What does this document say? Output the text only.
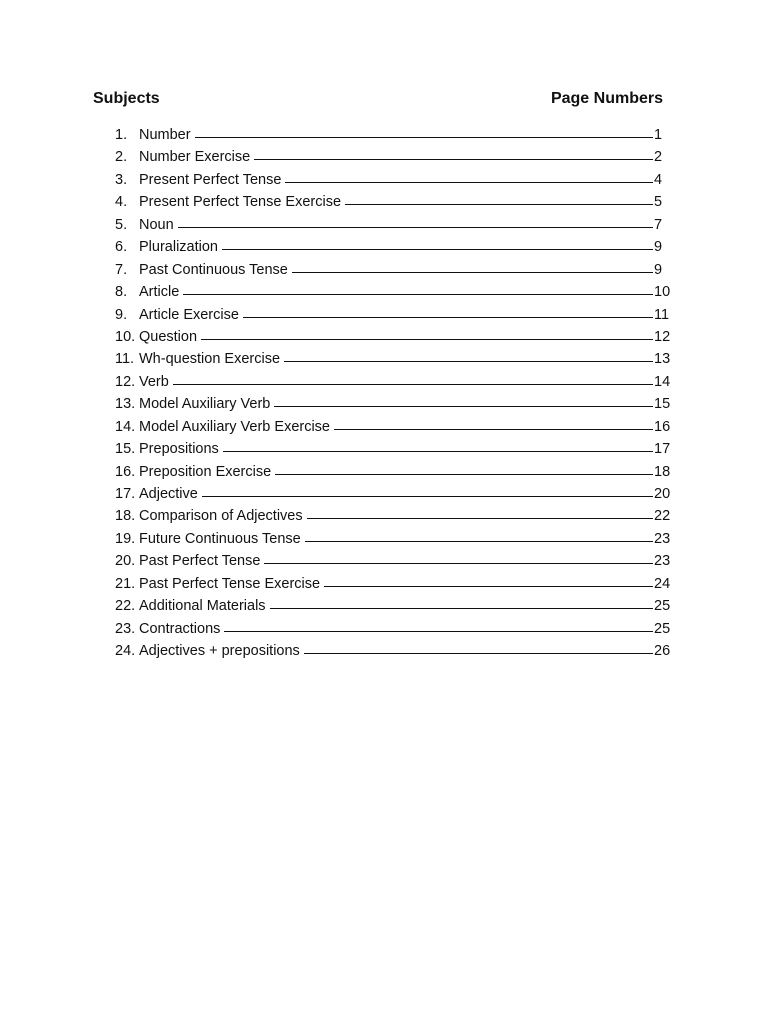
Subjects	Page Numbers
1. Number	1
2. Number Exercise	2
3. Present Perfect Tense	4
4. Present Perfect Tense Exercise	5
5. Noun	7
6. Pluralization	9
7. Past Continuous Tense	9
8. Article	10
9. Article Exercise	11
10. Question	12
11. Wh-question Exercise	13
12. Verb	14
13. Model Auxiliary Verb	15
14. Model Auxiliary Verb Exercise	16
15. Prepositions	17
16. Preposition Exercise	18
17. Adjective	20
18. Comparison of Adjectives	22
19. Future Continuous Tense	23
20. Past Perfect Tense	23
21. Past Perfect Tense Exercise	24
22. Additional Materials	25
23. Contractions	25
24. Adjectives + prepositions	26
